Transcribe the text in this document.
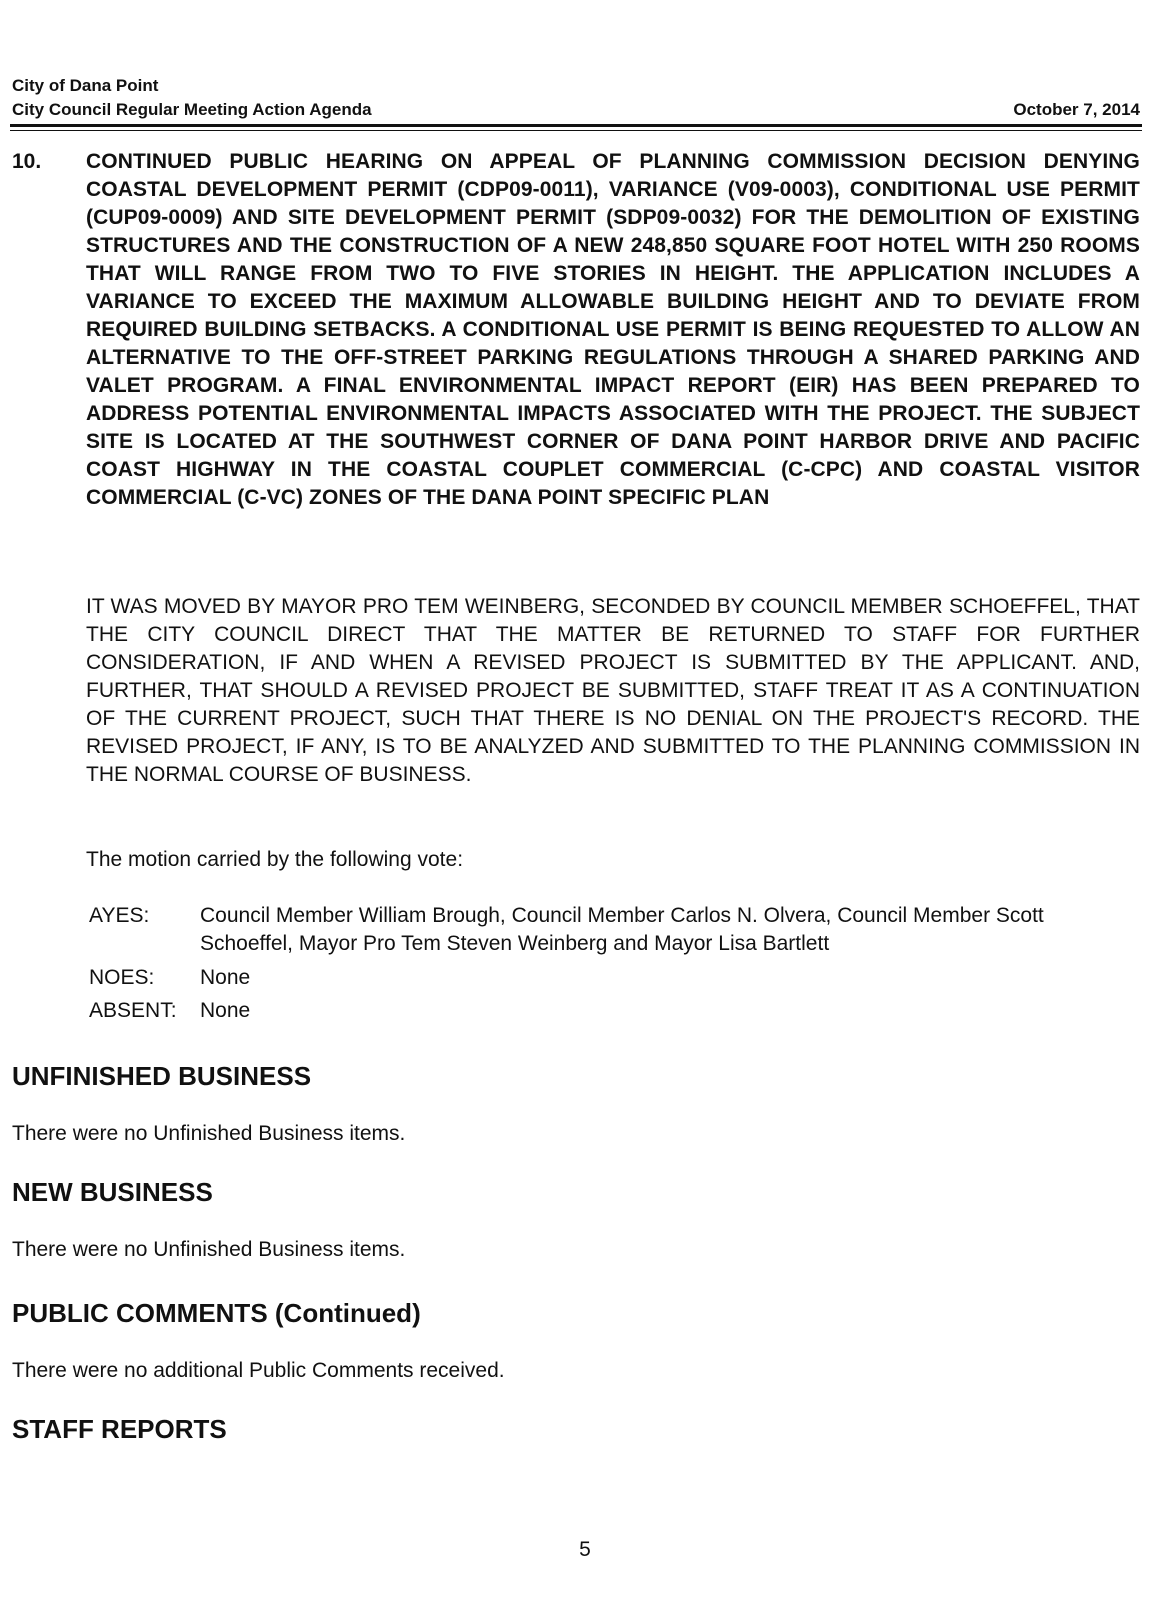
City of Dana Point
City Council Regular Meeting Action Agenda	October 7, 2014
10. CONTINUED PUBLIC HEARING ON APPEAL OF PLANNING COMMISSION DECISION DENYING COASTAL DEVELOPMENT PERMIT (CDP09-0011), VARIANCE (V09-0003), CONDITIONAL USE PERMIT (CUP09-0009) AND SITE DEVELOPMENT PERMIT (SDP09-0032) FOR THE DEMOLITION OF EXISTING STRUCTURES AND THE CONSTRUCTION OF A NEW 248,850 SQUARE FOOT HOTEL WITH 250 ROOMS THAT WILL RANGE FROM TWO TO FIVE STORIES IN HEIGHT. THE APPLICATION INCLUDES A VARIANCE TO EXCEED THE MAXIMUM ALLOWABLE BUILDING HEIGHT AND TO DEVIATE FROM REQUIRED BUILDING SETBACKS. A CONDITIONAL USE PERMIT IS BEING REQUESTED TO ALLOW AN ALTERNATIVE TO THE OFF-STREET PARKING REGULATIONS THROUGH A SHARED PARKING AND VALET PROGRAM. A FINAL ENVIRONMENTAL IMPACT REPORT (EIR) HAS BEEN PREPARED TO ADDRESS POTENTIAL ENVIRONMENTAL IMPACTS ASSOCIATED WITH THE PROJECT. THE SUBJECT SITE IS LOCATED AT THE SOUTHWEST CORNER OF DANA POINT HARBOR DRIVE AND PACIFIC COAST HIGHWAY IN THE COASTAL COUPLET COMMERCIAL (C-CPC) AND COASTAL VISITOR COMMERCIAL (C-VC) ZONES OF THE DANA POINT SPECIFIC PLAN
IT WAS MOVED BY MAYOR PRO TEM WEINBERG, SECONDED BY COUNCIL MEMBER SCHOEFFEL, THAT THE CITY COUNCIL DIRECT THAT THE MATTER BE RETURNED TO STAFF FOR FURTHER CONSIDERATION, IF AND WHEN A REVISED PROJECT IS SUBMITTED BY THE APPLICANT. AND, FURTHER, THAT SHOULD A REVISED PROJECT BE SUBMITTED, STAFF TREAT IT AS A CONTINUATION OF THE CURRENT PROJECT, SUCH THAT THERE IS NO DENIAL ON THE PROJECT'S RECORD. THE REVISED PROJECT, IF ANY, IS TO BE ANALYZED AND SUBMITTED TO THE PLANNING COMMISSION IN THE NORMAL COURSE OF BUSINESS.
The motion carried by the following vote:
AYES:	Council Member William Brough, Council Member Carlos N. Olvera, Council Member Scott Schoeffel, Mayor Pro Tem Steven Weinberg and Mayor Lisa Bartlett
NOES:	None
ABSENT:	None
UNFINISHED BUSINESS
There were no Unfinished Business items.
NEW BUSINESS
There were no Unfinished Business items.
PUBLIC COMMENTS (Continued)
There were no additional Public Comments received.
STAFF REPORTS
5
